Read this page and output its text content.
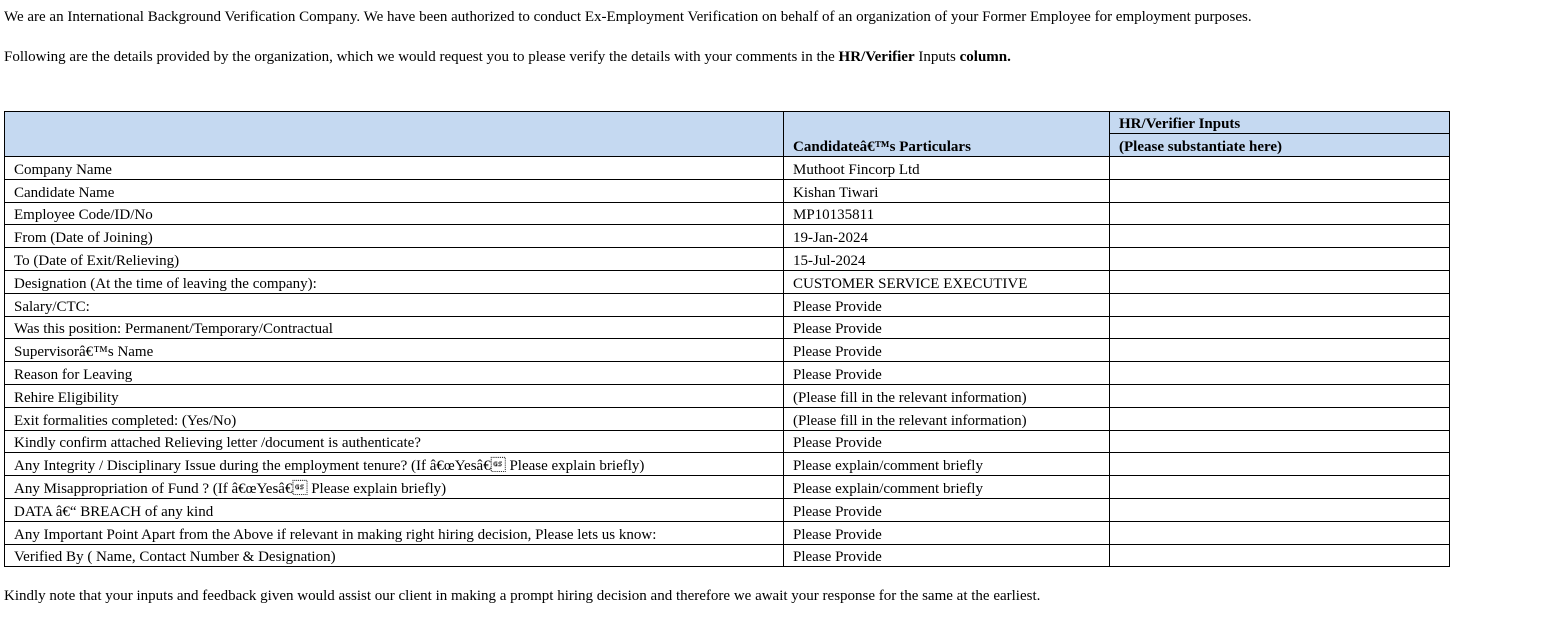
We are an International Background Verification Company. We have been authorized to conduct Ex-Employment Verification on behalf of an organization of your Former Employee for employment purposes.

Following are the details provided by the organization, which we would request you to please verify the details with your comments in the HR/Verifier Inputs column.

	Candidateâ€™s Particulars	HR/Verifier Inputs
		(Please substantiate here)
Company Name	Muthoot Fincorp Ltd	
Candidate Name	Kishan Tiwari	
Employee Code/ID/No	MP10135811	
From (Date of Joining)	19-Jan-2024	
To (Date of Exit/Relieving)	15-Jul-2024	
Designation (At the time of leaving the company):	CUSTOMER SERVICE EXECUTIVE	
Salary/CTC:	Please Provide	
Was this position: Permanent/Temporary/Contractual	Please Provide	
Supervisorâ€™s Name	Please Provide	
Reason for Leaving	Please Provide	
Rehire Eligibility	(Please fill in the relevant information)	
Exit formalities completed: (Yes/No)	(Please fill in the relevant information)	
Kindly confirm attached Relieving letter /document is authenticate?	Please Provide	
Any Integrity / Disciplinary Issue during the employment tenure? (If â€œYesâ€ Please explain briefly)	Please explain/comment briefly	
Any Misappropriation of Fund ? (If â€œYesâ€ Please explain briefly)	Please explain/comment briefly	
DATA â€“ BREACH of any kind	Please Provide	
Any Important Point Apart from the Above if relevant in making right hiring decision, Please lets us know:	Please Provide	
Verified By ( Name, Contact Number & Designation)	Please Provide	

Kindly note that your inputs and feedback given would assist our client in making a prompt hiring decision and therefore we await your response for the same at the earliest.
